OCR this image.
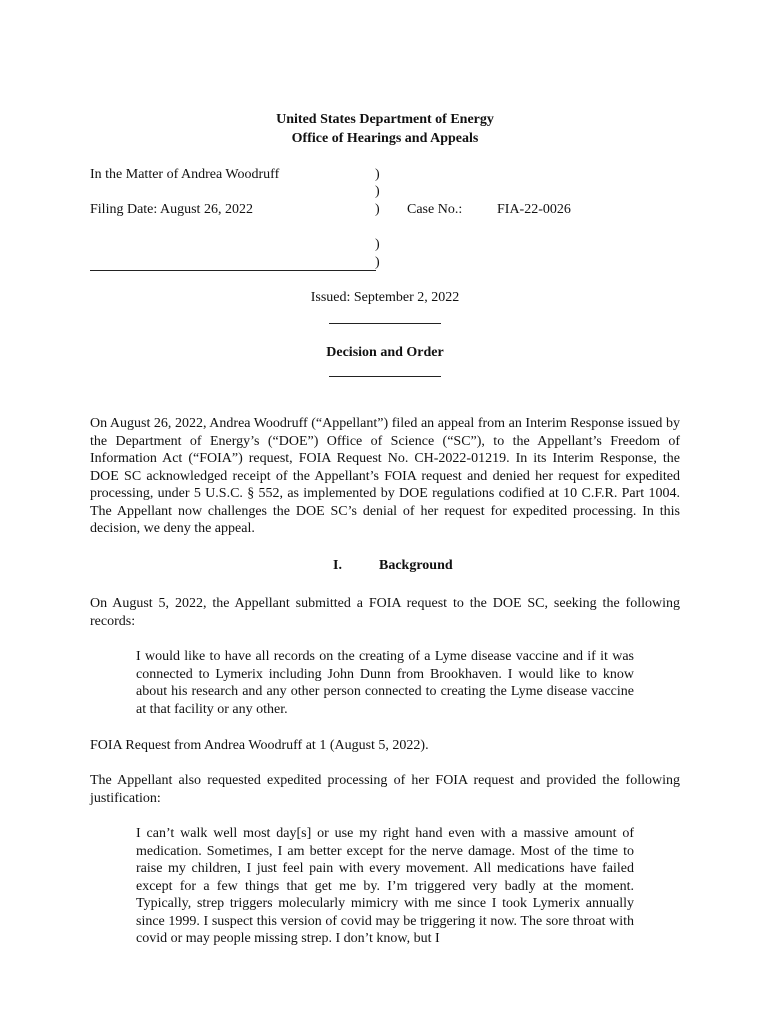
United States Department of Energy
Office of Hearings and Appeals
In the Matter of Andrea Woodruff	)
)
Filing Date: August 26, 2022	) Case No.: FIA-22-0026
)
)
Issued: September 2, 2022
Decision and Order
On August 26, 2022, Andrea Woodruff (“Appellant”) filed an appeal from an Interim Response issued by the Department of Energy’s (“DOE”) Office of Science (“SC”), to the Appellant’s Freedom of Information Act (“FOIA”) request, FOIA Request No. CH-2022-01219. In its Interim Response, the DOE SC acknowledged receipt of the Appellant’s FOIA request and denied her request for expedited processing, under 5 U.S.C. § 552, as implemented by DOE regulations codified at 10 C.F.R. Part 1004. The Appellant now challenges the DOE SC’s denial of her request for expedited processing. In this decision, we deny the appeal.
I.	Background
On August 5, 2022, the Appellant submitted a FOIA request to the DOE SC, seeking the following records:
I would like to have all records on the creating of a Lyme disease vaccine and if it was connected to Lymerix including John Dunn from Brookhaven. I would like to know about his research and any other person connected to creating the Lyme disease vaccine at that facility or any other.
FOIA Request from Andrea Woodruff at 1 (August 5, 2022).
The Appellant also requested expedited processing of her FOIA request and provided the following justification:
I can’t walk well most day[s] or use my right hand even with a massive amount of medication. Sometimes, I am better except for the nerve damage. Most of the time to raise my children, I just feel pain with every movement. All medications have failed except for a few things that get me by. I’m triggered very badly at the moment. Typically, strep triggers molecularly mimicry with me since I took Lymerix annually since 1999. I suspect this version of covid may be triggering it now. The sore throat with covid or may people missing strep. I don’t know, but I
